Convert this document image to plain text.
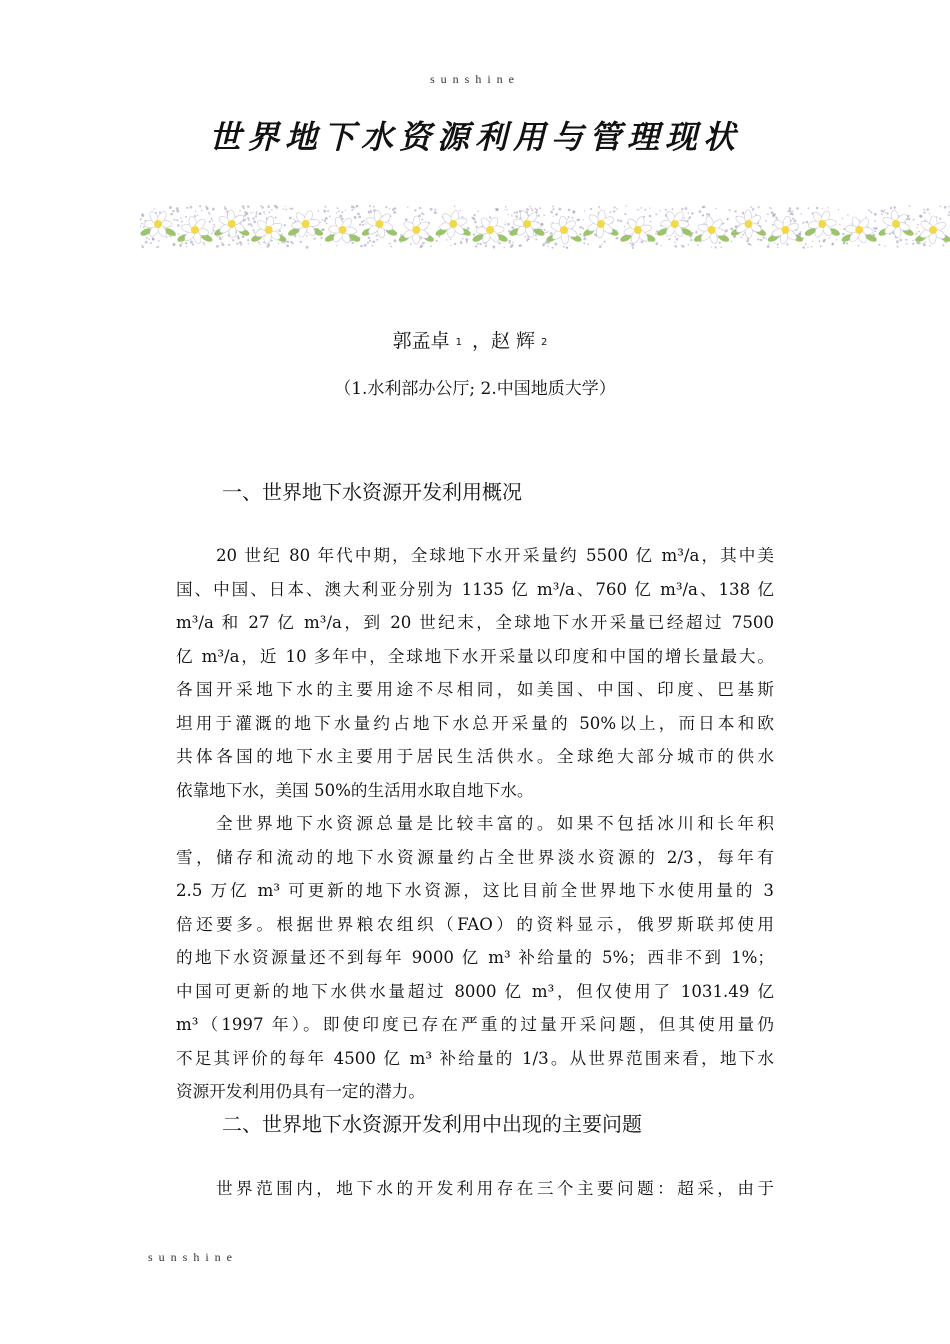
sunshine
世界地下水资源利用与管理现状
郭孟卓 $^1$ ，赵 辉 $^2$
（1.水利部办公厅; 2.中国地质大学）
一、世界地下水资源开发利用概况
20 世纪 80 年代中期，全球地下水开采量约 5500 亿 m³/a，其中美
国、中国、日本、澳大利亚分别为 1135 亿 m³/a、760 亿 m³/a、138 亿
m³/a 和 27 亿 m³/a，到 20 世纪末，全球地下水开采量已经超过 7500
亿 m³/a，近 10 多年中，全球地下水开采量以印度和中国的增长量最大。
各国开采地下水的主要用途不尽相同，如美国、中国、印度、巴基斯
坦用于灌溉的地下水量约占地下水总开采量的 50%以上，而日本和欧
共体各国的地下水主要用于居民生活供水。全球绝大部分城市的供水
依靠地下水，美国 50%的生活用水取自地下水。
全世界地下水资源总量是比较丰富的。如果不包括冰川和长年积
雪，储存和流动的地下水资源量约占全世界淡水资源的 2/3，每年有
2.5 万亿 m³ 可更新的地下水资源，这比目前全世界地下水使用量的 3
倍还要多。根据世界粮农组织（FAO）的资料显示，俄罗斯联邦使用
的地下水资源量还不到每年 9000 亿 m³ 补给量的 5%；西非不到 1%；
中国可更新的地下水供水量超过 8000 亿 m³，但仅使用了 1031.49 亿
m³（1997 年）。即使印度已存在严重的过量开采问题，但其使用量仍
不足其评价的每年 4500 亿 m³ 补给量的 1/3。从世界范围来看，地下水
资源开发利用仍具有一定的潜力。
二、世界地下水资源开发利用中出现的主要问题
世界范围内，地下水的开发利用存在三个主要问题：超采，由于
sunshine
